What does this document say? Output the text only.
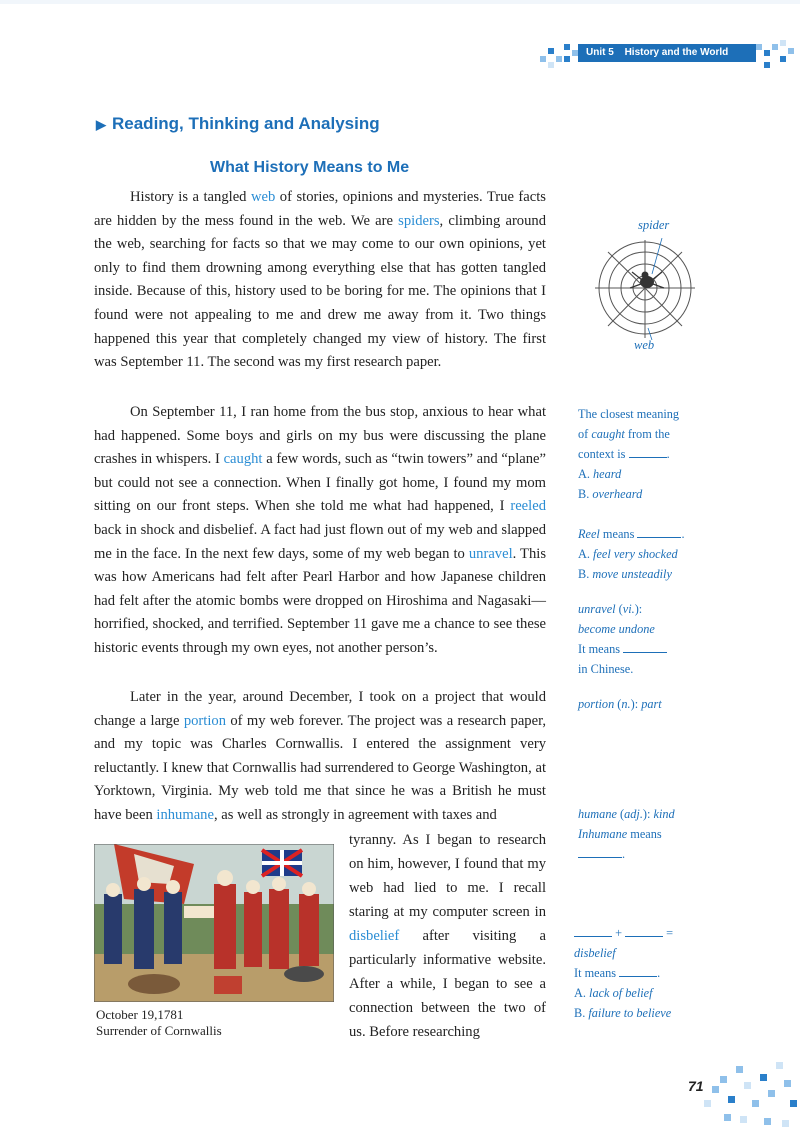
Unit 5 History and the World
▶ Reading, Thinking and Analysing
What History Means to Me
History is a tangled web of stories, opinions and mysteries. True facts are hidden by the mess found in the web. We are spiders, climbing around the web, searching for facts so that we may come to our own opinions, yet only to find them drowning among everything else that has gotten tangled inside. Because of this, history used to be boring for me. The opinions that I found were not appealing to me and drew me away from it. Two things happened this year that completely changed my view of history. The first was September 11. The second was my first research paper.
On September 11, I ran home from the bus stop, anxious to hear what had happened. Some boys and girls on my bus were discussing the plane crashes in whispers. I caught a few words, such as “twin towers” and “plane” but could not see a connection. When I finally got home, I found my mom sitting on our front steps. When she told me what had happened, I reeled back in shock and disbelief. A fact had just flown out of my web and slapped me in the face. In the next few days, some of my web began to unravel. This was how Americans had felt after Pearl Harbor and how Japanese children had felt after the atomic bombs were dropped on Hiroshima and Nagasaki—horrified, shocked, and terrified. September 11 gave me a chance to see these historic events through my own eyes, not another person’s.
Later in the year, around December, I took on a project that would change a large portion of my web forever. The project was a research paper, and my topic was Charles Cornwallis. I entered the assignment very reluctantly. I knew that Cornwallis had surrendered to George Washington, at Yorktown, Virginia. My web told me that since he was a British he must have been inhumane, as well as strongly in agreement with taxes and
tyranny. As I began to research on him, however, I found that my web had lied to me. I recall staring at my computer screen in disbelief after visiting a particularly informative website. After a while, I began to see a connection between the two of us. Before researching
October 19,1781
Surrender of Cornwallis
spider
web
The closest meaning
of caught from the
context is	.
A. heard
B. overheard
Reel means	.
A. feel very shocked
B. move unsteadily
unravel (vi.):
become undone
It means
in Chinese.
portion (n.): part
humane (adj.): kind
Inhumane means
.
+	=
disbelief
It means	.
A. lack of belief
B. failure to believe
71
